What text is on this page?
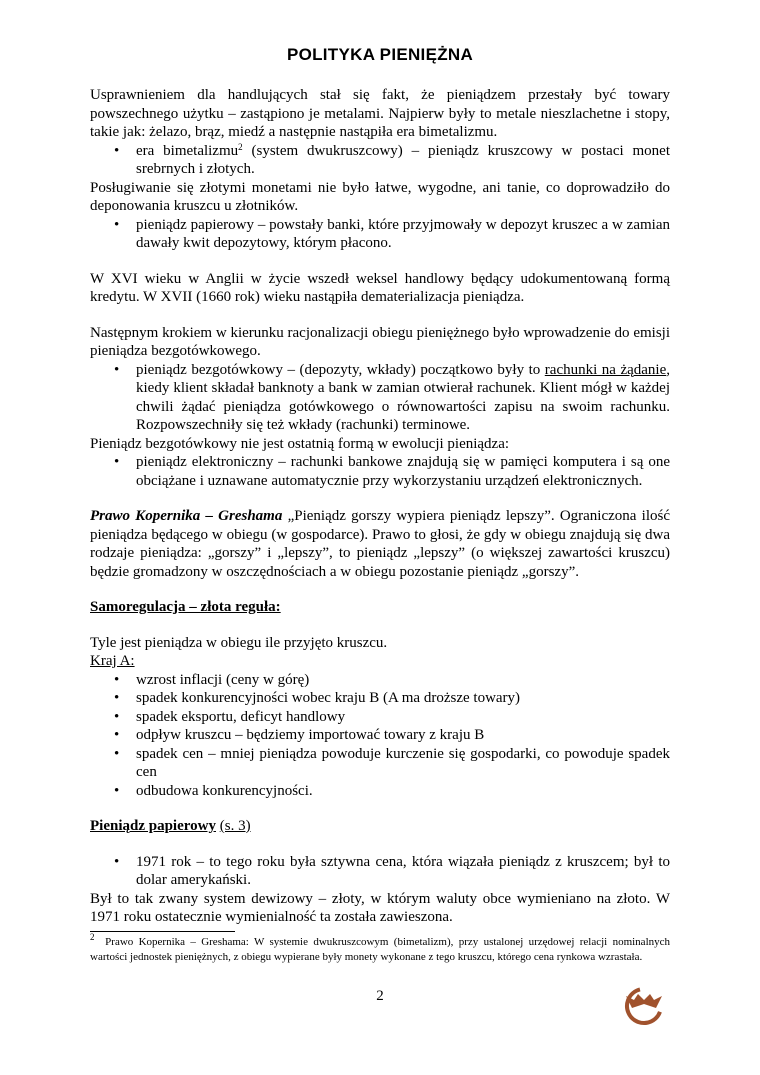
POLITYKA PIENIĘŻNA

Usprawnieniem dla handlujących stał się fakt, że pieniądzem przestały być towary powszechnego użytku – zastąpiono je metalami. Najpierw były to metale nieszlachetne i stopy, takie jak: żelazo, brąz, miedź a następnie nastąpiła era bimetalizmu.

• era bimetalizmu$^2$ (system dwukruszcowy) – pieniądz kruszcowy w postaci monet srebrnych i złotych.

Posługiwanie się złotymi monetami nie było łatwe, wygodne, ani tanie, co doprowadziło do deponowania kruszcu u złotników.

• pieniądz papierowy – powstały banki, które przyjmowały w depozyt kruszec a w zamian dawały kwit depozytowy, którym płacono.

W XVI wieku w Anglii w życie wszedł weksel handlowy będący udokumentowaną formą kredytu. W XVII (1660 rok) wieku nastąpiła dematerializacja pieniądza.

Następnym krokiem w kierunku racjonalizacji obiegu pieniężnego było wprowadzenie do emisji pieniądza bezgotówkowego.

• pieniądz bezgotówkowy – (depozyty, wkłady) początkowo były to rachunki na żądanie, kiedy klient składał banknoty a bank w zamian otwierał rachunek. Klient mógł w każdej chwili żądać pieniądza gotówkowego o równowartości zapisu na swoim rachunku. Rozpowszechniły się też wkłady (rachunki) terminowe.

Pieniądz bezgotówkowy nie jest ostatnią formą w ewolucji pieniądza:

• pieniądz elektroniczny – rachunki bankowe znajdują się w pamięci komputera i są one obciążane i uznawane automatycznie przy wykorzystaniu urządzeń elektronicznych.

Prawo Kopernika – Greshama „Pieniądz gorszy wypiera pieniądz lepszy”. Ograniczona ilość pieniądza będącego w obiegu (w gospodarce). Prawo to głosi, że gdy w obiegu znajdują się dwa rodzaje pieniądza: „gorszy” i „lepszy”, to pieniądz „lepszy” (o większej zawartości kruszcu) będzie gromadzony w oszczędnościach a w obiegu pozostanie pieniądz „gorszy”.

Samoregulacja – złota reguła:

Tyle jest pieniądza w obiegu ile przyjęto kruszcu.

Kraj A:

• wzrost inflacji (ceny w górę)
• spadek konkurencyjności wobec kraju B (A ma droższe towary)
• spadek eksportu, deficyt handlowy
• odpływ kruszcu – będziemy importować towary z kraju B
• spadek cen – mniej pieniądza powoduje kurczenie się gospodarki, co powoduje spadek cen
• odbudowa konkurencyjności.

Pieniądz papierowy (s. 3)

• 1971 rok – to tego roku była sztywna cena, która wiązała pieniądz z kruszcem; był to dolar amerykański.

Był to tak zwany system dewizowy – złoty, w którym waluty obce wymieniano na złoto. W 1971 roku ostatecznie wymienialność ta została zawieszona.

$^2$ Prawo Kopernika – Greshama: W systemie dwukruszcowym (bimetalizm), przy ustalonej urzędowej relacji nominalnych wartości jednostek pieniężnych, z obiegu wypierane były monety wykonane z tego kruszcu, którego cena rynkowa wzrastała.

2
